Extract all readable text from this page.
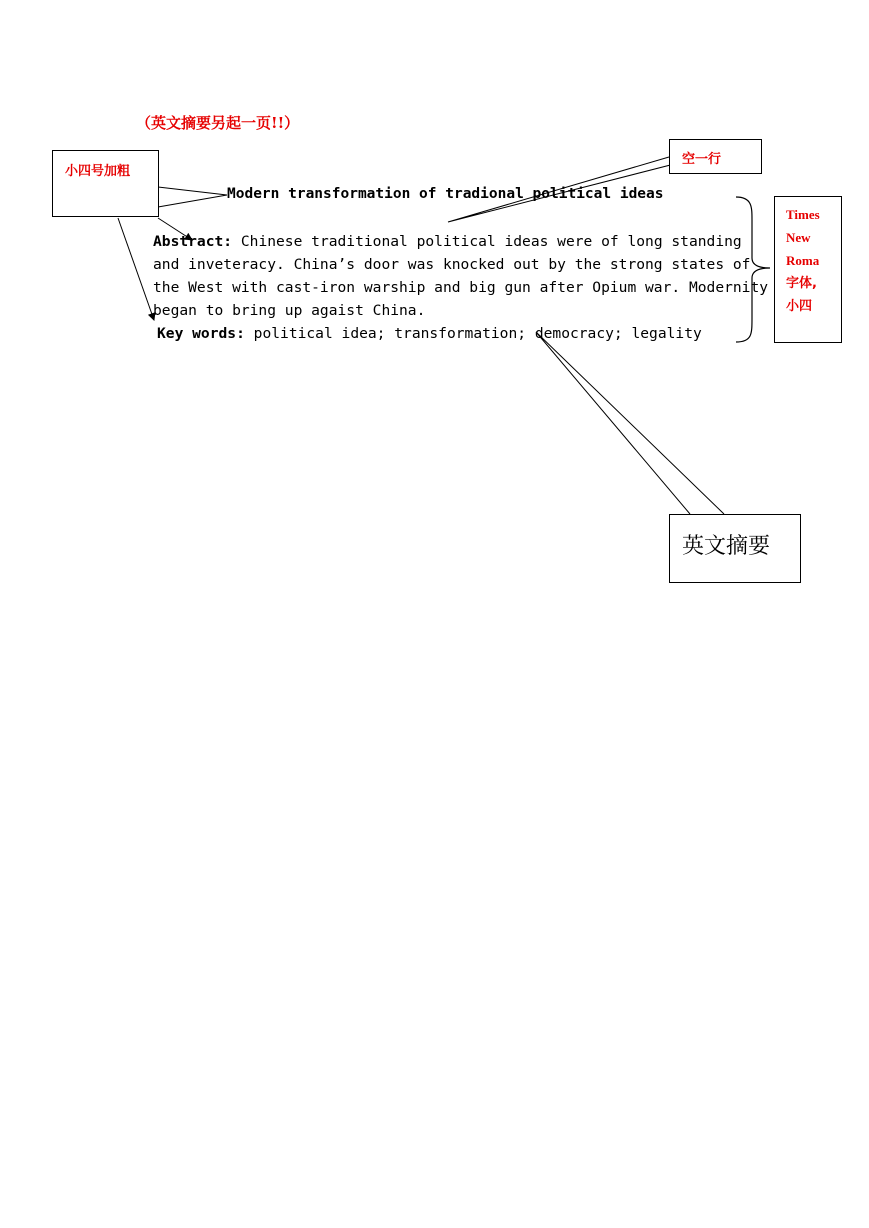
（英文摘要另起一页!!）
小四号加粗
空一行
Times
New
Roma
字体,
小四
英文摘要
Modern transformation of tradional political ideas
Abstract: Chinese traditional political ideas were of long standing
and inveteracy. China’s door was knocked out by the strong states of
the West with cast-iron warship and big gun after Opium war. Modernity
began to bring up agaist China.
Key words: political idea; transformation; democracy; legality
